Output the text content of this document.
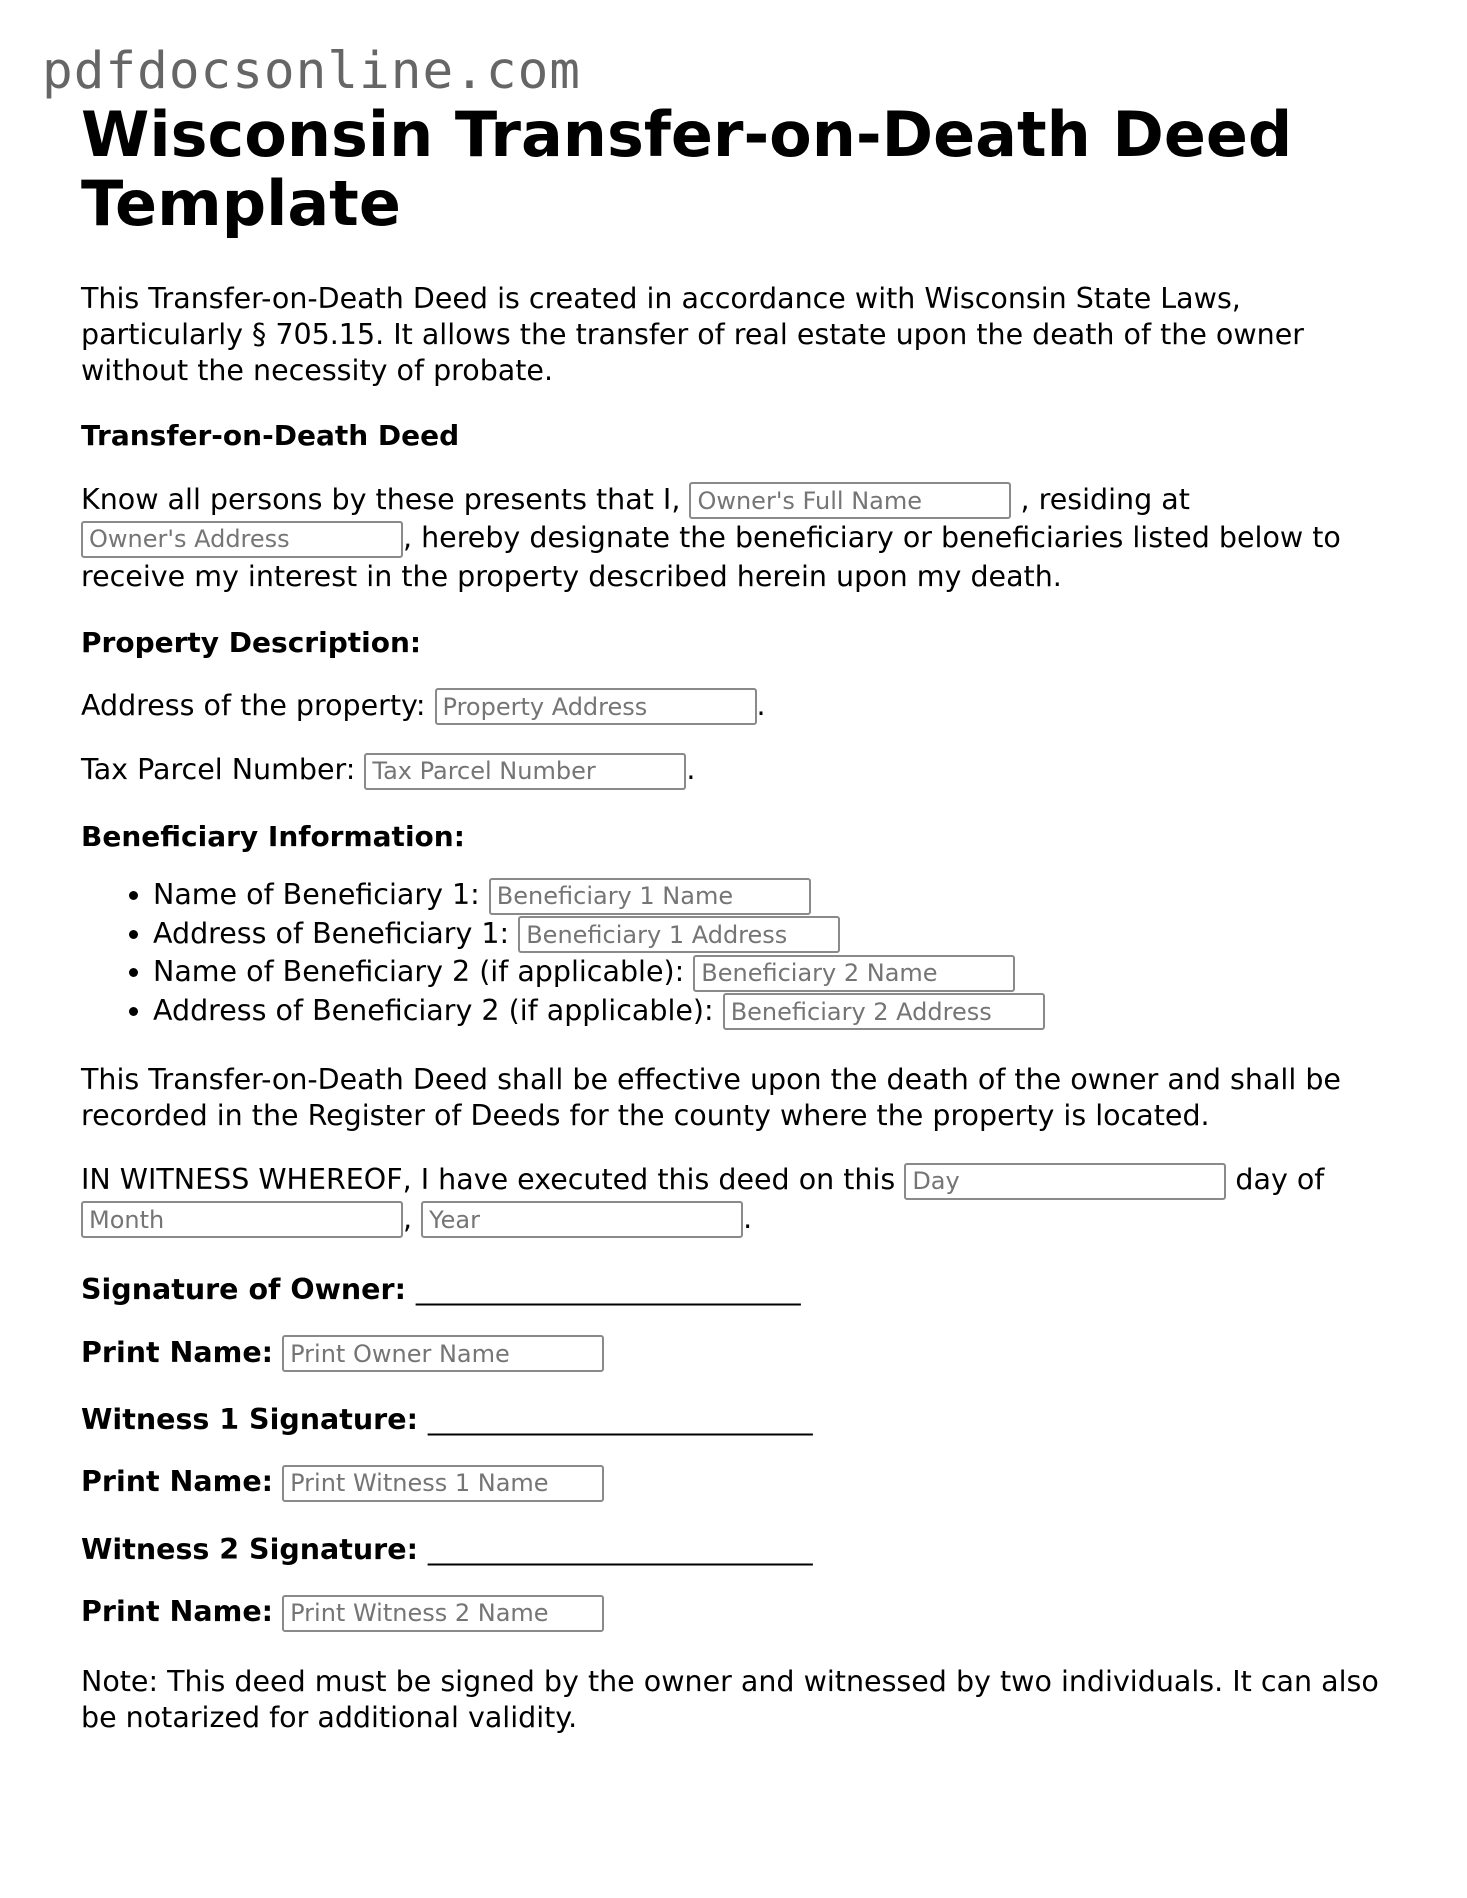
pdfdocsonline.com
Wisconsin Transfer-on-Death Deed Template

This Transfer-on-Death Deed is created in accordance with Wisconsin State Laws, particularly § 705.15. It allows the transfer of real estate upon the death of the owner without the necessity of probate.

Transfer-on-Death Deed

Know all persons by these presents that I, Owner's Full Name	, residing at Owner's Address, hereby designate the beneficiary or beneficiaries listed below to receive my interest in the property described herein upon my death.

Property Description:

Address of the property: Property Address	.

Tax Parcel Number: Tax Parcel Number	.

Beneficiary Information:
• Name of Beneficiary 1: Beneficiary 1 Name
• Address of Beneficiary 1: Beneficiary 1 Address
• Name of Beneficiary 2 (if applicable): Beneficiary 2 Name
• Address of Beneficiary 2 (if applicable): Beneficiary 2 Address

This Transfer-on-Death Deed shall be effective upon the death of the owner and shall be recorded in the Register of Deeds for the county where the property is located.

IN WITNESS WHEREOF, I have executed this deed on this Day	day of Month, Year	.

Signature of Owner: ___________________________

Print Name: Print Owner Name

Witness 1 Signature: ___________________________

Print Name: Print Witness 1 Name

Witness 2 Signature: ___________________________

Print Name: Print Witness 2 Name

Note: This deed must be signed by the owner and witnessed by two individuals. It can also be notarized for additional validity.
